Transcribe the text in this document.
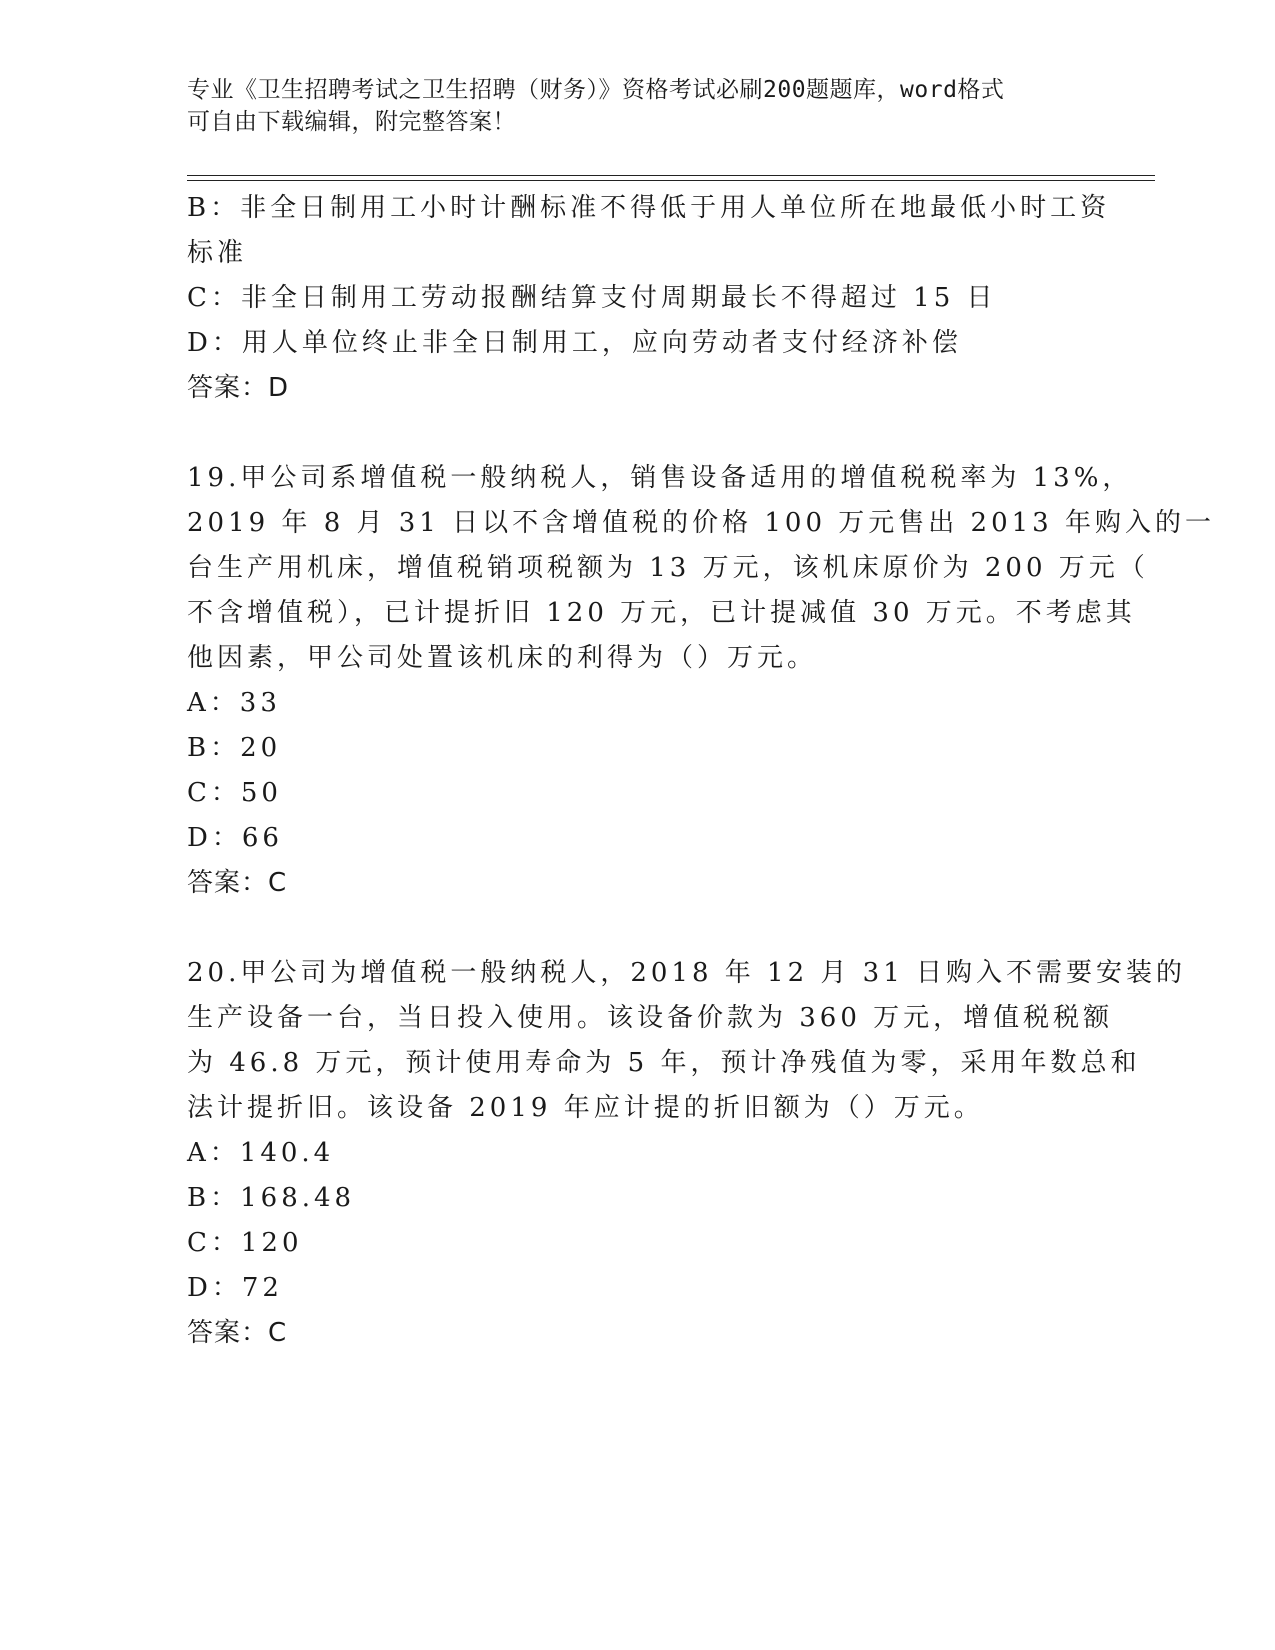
专业《卫生招聘考试之卫生招聘（财务）》资格考试必刷200题题库，word格式
可自由下载编辑，附完整答案！
B：非全日制用工小时计酬标准不得低于用人单位所在地最低小时工资
标准
C：非全日制用工劳动报酬结算支付周期最长不得超过 15 日
D：用人单位终止非全日制用工，应向劳动者支付经济补偿
答案：D
19.甲公司系增值税一般纳税人，销售设备适用的增值税税率为 13%，
2019 年 8 月 31 日以不含增值税的价格 100 万元售出 2013 年购入的一
台生产用机床，增值税销项税额为 13 万元，该机床原价为 200 万元（
不含增值税），已计提折旧 120 万元，已计提减值 30 万元。不考虑其
他因素，甲公司处置该机床的利得为（）万元。
A：33
B：20
C：50
D：66
答案：C
20.甲公司为增值税一般纳税人，2018 年 12 月 31 日购入不需要安装的
生产设备一台，当日投入使用。该设备价款为 360 万元，增值税税额
为 46.8 万元，预计使用寿命为 5 年，预计净残值为零，采用年数总和
法计提折旧。该设备 2019 年应计提的折旧额为（）万元。
A：140.4
B：168.48
C：120
D：72
答案：C
